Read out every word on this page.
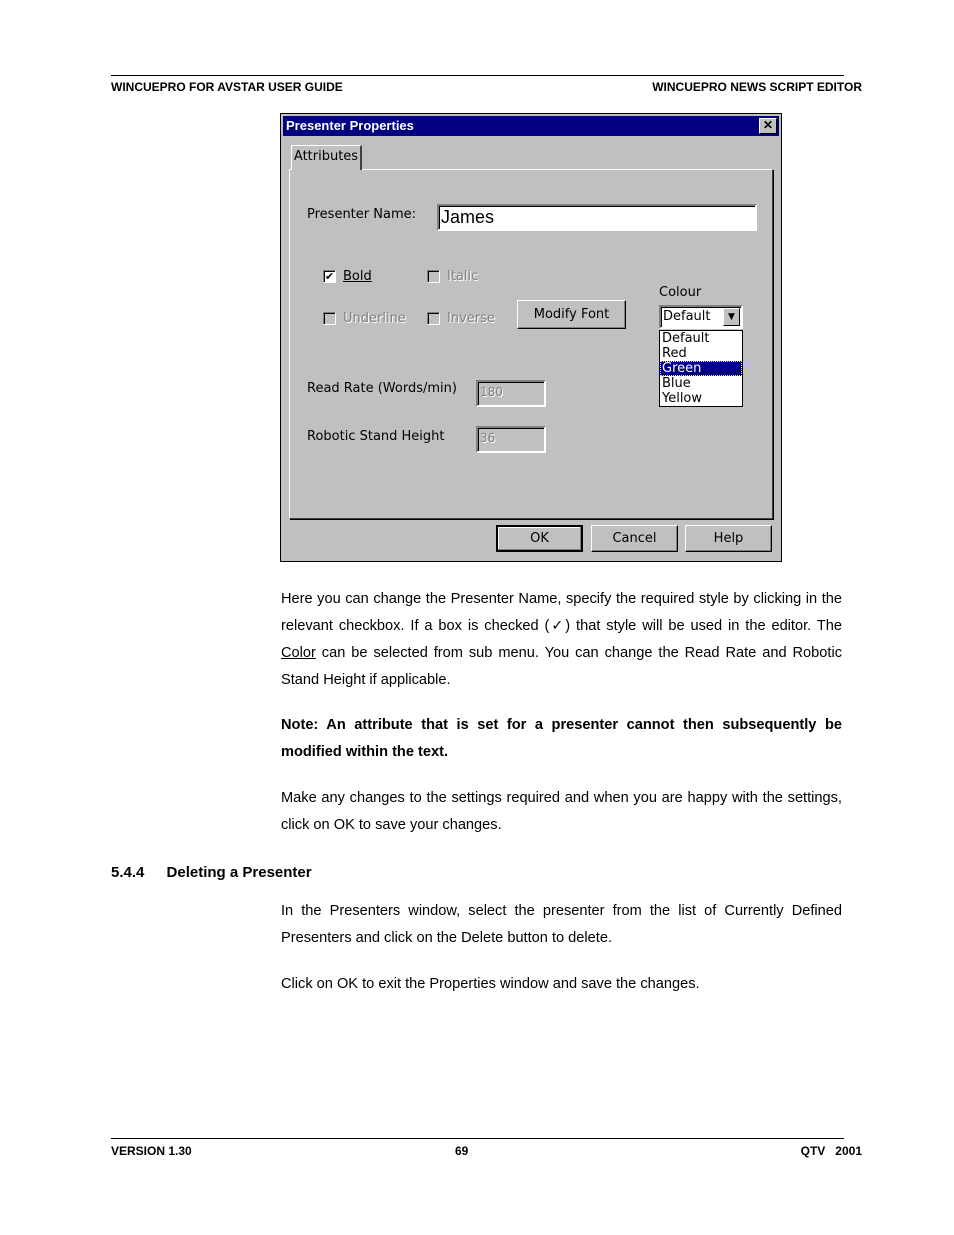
WINCUEPRO FOR AVSTAR USER GUIDE	WINCUEPRO NEWS SCRIPT EDITOR
Presenter Properties	✕
Attributes
Presenter Name: James
✔ Bold	Italic
Underline	Inverse	Modify Font
Colour
Default	▼
Default
Red
Green
Blue
Yellow
Read Rate (Words/min) 180
Robotic Stand Height	36
OK	Cancel	Help

Here you can change the Presenter Name, specify the required style by clicking in the relevant checkbox. If a box is checked (✓) that style will be used in the editor. The Color can be selected from sub menu. You can change the Read Rate and Robotic Stand Height if applicable.

Note: An attribute that is set for a presenter cannot then subsequently be modified within the text.

Make any changes to the settings required and when you are happy with the settings, click on OK to save your changes.

5.4.4 Deleting a Presenter

In the Presenters window, select the presenter from the list of Currently Defined Presenters and click on the Delete button to delete.

Click on OK to exit the Properties window and save the changes.

VERSION 1.30	69	QTV   2001
